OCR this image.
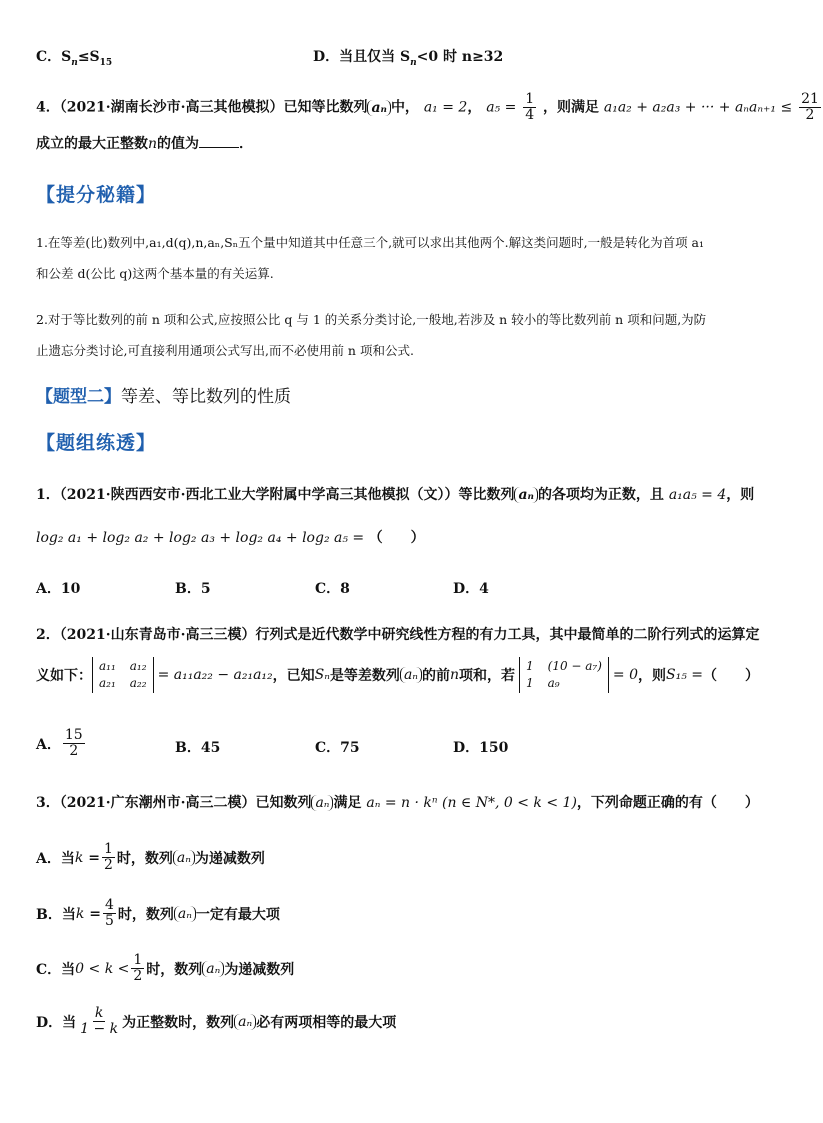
C．$S_n\le S_{15}$	D．当且仅当 $S_n<0$ 时 n≥32
4．（2021·湖南长沙市·高三其他模拟）已知等比数列 aₙ 中， a₁ = 2， $a_5 = \frac{1}{4}$ ，则满足 a₁a₂ + a₂a₃ + ··· + $a_na_{n+1} \le \frac{21}{2}$
成立的最大正整数n的值为	．
【提分秘籍】
1.在等差(比)数列中,a₁,d(q),n,aₙ,Sₙ五个量中知道其中任意三个,就可以求出其他两个.解这类问题时,一般是转化为首项 a₁
和公差 d(公比 q)这两个基本量的有关运算.
2.对于等比数列的前 n 项和公式,应按照公比 q 与 1 的关系分类讨论,一般地,若涉及 n 较小的等比数列前 n 项和问题,为防
止遗忘分类讨论,可直接利用通项公式写出,而不必使用前 n 项和公式.
【题型二】等差、等比数列的性质
【题组练透】
1．（2021·陕西西安市·西北工业大学附属中学高三其他模拟（文））等比数列 aₙ 的各项均为正数，且 a₁a₅ = 4，则
log₂ a₁ + log₂ a₂ + log₂ a₃ + log₂ a₄ + log₂ a₅ = （　　）
A．10	B．5	C．8	D．4
2．（2021·山东青岛市·高三三模）行列式是近代数学中研究线性方程的有力工具，其中最简单的二阶行列式的运算定
义如下：
a₁₁ a₁₂
a₂₁ a₂₂ = a₁₁a₂₂ − a₂₁a₁₂ ，已知 Sₙ 是等差数列 aₙ 的前 n 项和，若
1 (10 − a₇)
1 a₉	= 0 ，则 S₁₅ = （　　）
A． $\frac{15}{2}$	B．45	C．75	D．150
3．（2021·广东潮州市·高三二模）已知数列 aₙ 满足 aₙ = n · kⁿ (n ∈ N*, 0 < k < 1)，下列命题正确的有（　　）
A．当 $k = \frac{1}{2}$ 时，数列 aₙ 为递减数列
B．当 $k = \frac{4}{5}$ 时，数列 aₙ 一定有最大项
C．当 $0 < k < \frac{1}{2}$ 时，数列 aₙ 为递减数列
D．当 $\frac{k}{1 - k}$ 为正整数时，数列 aₙ 必有两项相等的最大项
